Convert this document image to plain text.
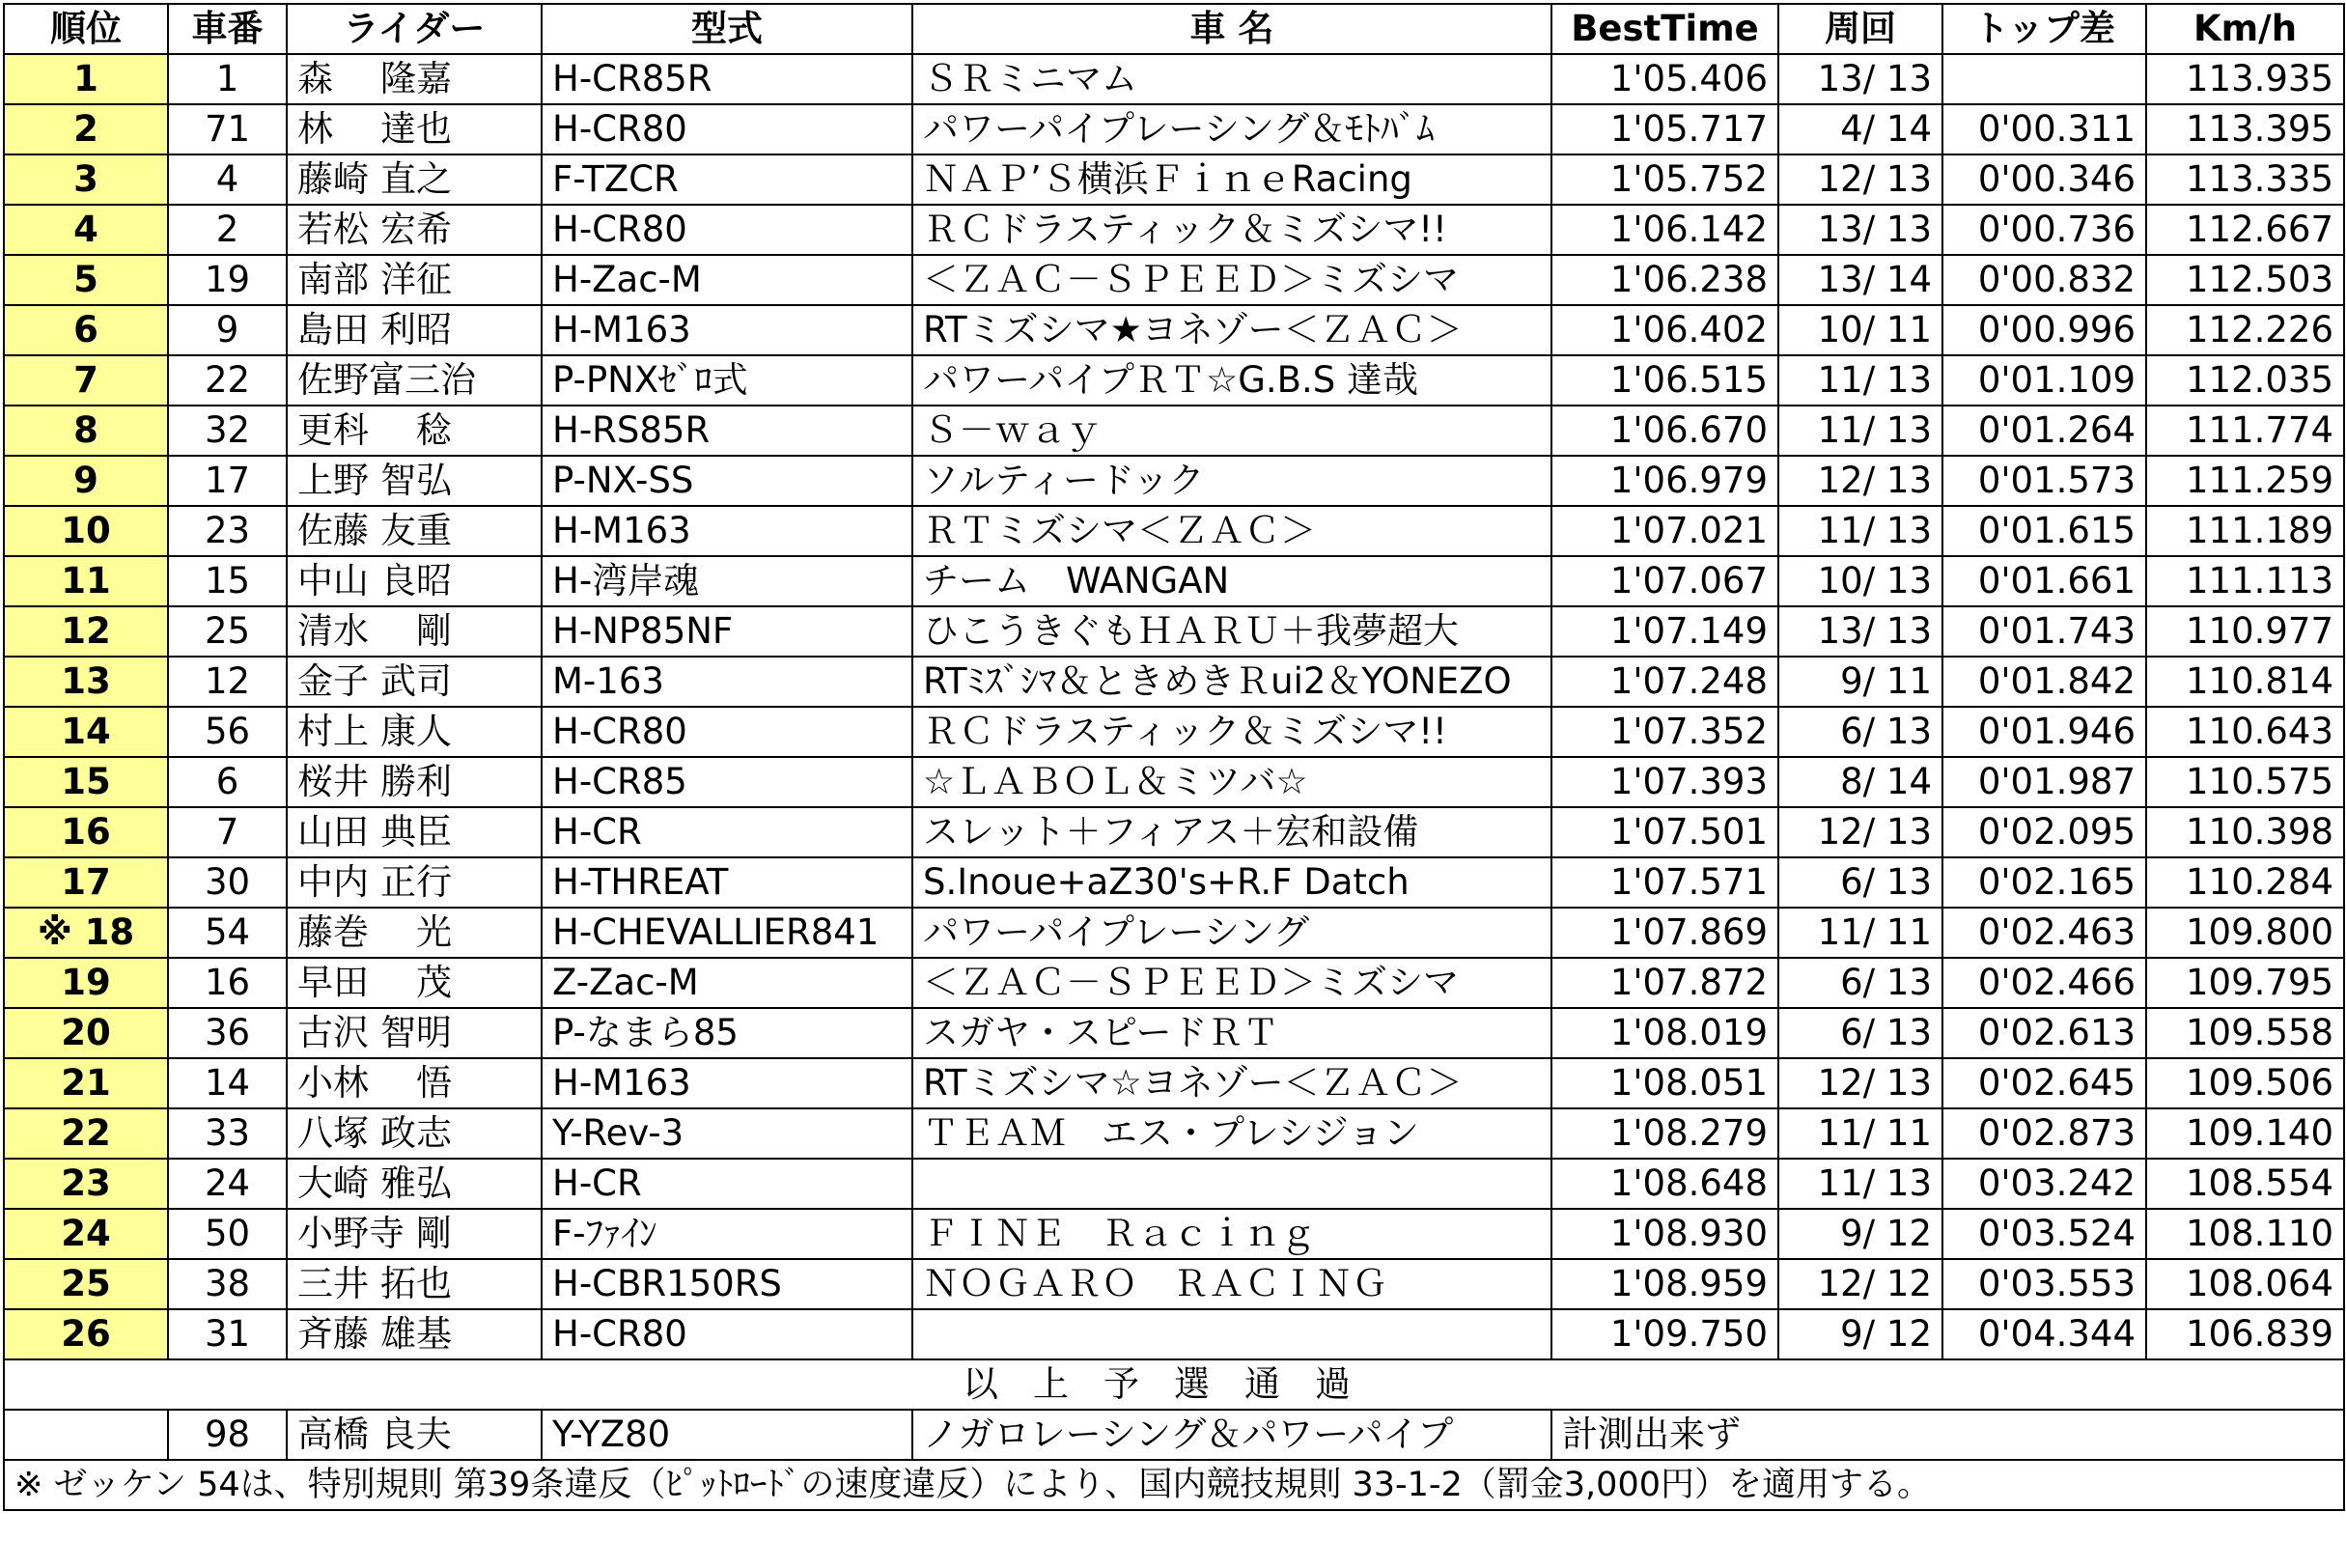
順位	車番	ライダー	型式	車 名	BestTime	周回	トップ差	Km/h
1	1	森 隆嘉	H-CR85R	ＳＲミニマム	1'05.406	13/ 13		113.935
2	71	林 達也	H-CR80	パワーパイプレーシング＆ﾓﾄﾊﾞﾑ	1'05.717	4/ 14	0'00.311	113.395
3	4	藤崎 直之	F-TZCR	ＮＡＰ’Ｓ横浜ＦｉｎｅRacing	1'05.752	12/ 13	0'00.346	113.335
4	2	若松 宏希	H-CR80	ＲＣドラスティック＆ミズシマ!!	1'06.142	13/ 13	0'00.736	112.667
5	19	南部 洋征	H-Zac-M	＜ＺＡＣ－ＳＰＥＥＤ＞ミズシマ	1'06.238	13/ 14	0'00.832	112.503
6	9	島田 利昭	H-M163	RTミズシマ★ヨネゾー＜ＺＡＣ＞	1'06.402	10/ 11	0'00.996	112.226
7	22	佐野 富三治	P-PNXｾﾞﾛ式	パワーパイプＲＴ☆G.B.S 達哉	1'06.515	11/ 13	0'01.109	112.035
8	32	更科 稔	H-RS85R	Ｓ－ｗａｙ	1'06.670	11/ 13	0'01.264	111.774
9	17	上野 智弘	P-NX-SS	ソルティードック	1'06.979	12/ 13	0'01.573	111.259
10	23	佐藤 友重	H-M163	ＲＴミズシマ＜ＺＡＣ＞	1'07.021	11/ 13	0'01.615	111.189
11	15	中山 良昭	H-湾岸魂	チーム　WANGAN	1'07.067	10/ 13	0'01.661	111.113
12	25	清水 剛	H-NP85NF	ひこうきぐもＨＡＲＵ＋我夢超大	1'07.149	13/ 13	0'01.743	110.977
13	12	金子 武司	M-163	RTﾐｽﾞｼﾏ＆ときめきＲui2＆YONEZO	1'07.248	9/ 11	0'01.842	110.814
14	56	村上 康人	H-CR80	ＲＣドラスティック＆ミズシマ!!	1'07.352	6/ 13	0'01.946	110.643
15	6	桜井 勝利	H-CR85	☆ＬＡＢＯＬ＆ミツバ☆	1'07.393	8/ 14	0'01.987	110.575
16	7	山田 典臣	H-CR	スレット＋フィアス＋宏和設備	1'07.501	12/ 13	0'02.095	110.398
17	30	中内 正行	H-THREAT	S.Inoue+aZ30's+R.F Datch	1'07.571	6/ 13	0'02.165	110.284
※ 18	54	藤巻 光	H-CHEVALLIER841	パワーパイプレーシング	1'07.869	11/ 11	0'02.463	109.800
19	16	早田 茂	Z-Zac-M	＜ＺＡＣ－ＳＰＥＥＤ＞ミズシマ	1'07.872	6/ 13	0'02.466	109.795
20	36	古沢 智明	P-なまら85	スガヤ・スピードＲＴ	1'08.019	6/ 13	0'02.613	109.558
21	14	小林 悟	H-M163	RTミズシマ☆ヨネゾー＜ＺＡＣ＞	1'08.051	12/ 13	0'02.645	109.506
22	33	八塚 政志	Y-Rev-3	ＴＥＡＭ　エス・プレシジョン	1'08.279	11/ 11	0'02.873	109.140
23	24	大崎 雅弘	H-CR		1'08.648	11/ 13	0'03.242	108.554
24	50	小野寺 剛	F-ﾌｧｲﾝ	ＦＩＮＥ　Ｒａｃｉｎｇ	1'08.930	9/ 12	0'03.524	108.110
25	38	三井 拓也	H-CBR150RS	ＮＯＧＡＲＯ　ＲＡＣＩＮＧ	1'08.959	12/ 12	0'03.553	108.064
26	31	斉藤 雄基	H-CR80		1'09.750	9/ 12	0'04.344	106.839
以上予選通過								
	98	高橋 良夫	Y-YZ80	ノガロレーシング＆パワーパイプ	計測出来ず			
※ ゼッケン 54は、特別規則 第39条違反（ﾋﾟｯﾄﾛｰﾄﾞの速度違反）により、国内競技規則 33-1-2（罰金3,000円）を適用する。								
